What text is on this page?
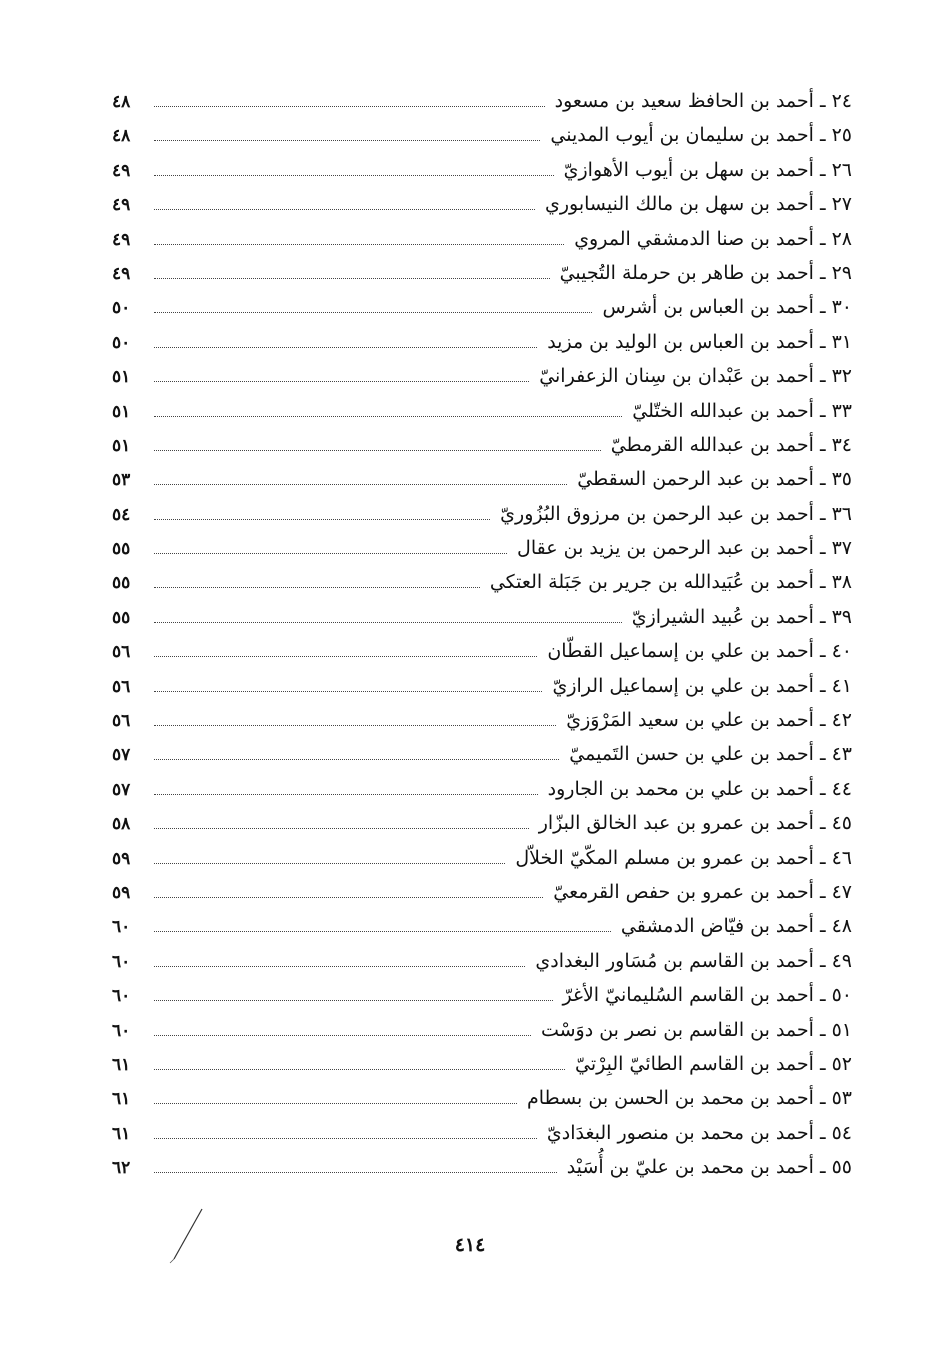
٤٨	٢٤ ـ أحمد بن الحافظ سعيد بن مسعود
٤٨	٢٥ ـ أحمد بن سليمان بن أيوب المديني
٤٩	٢٦ ـ أحمد بن سهل بن أيوب الأهوازيّ
٤٩	٢٧ ـ أحمد بن سهل بن مالك النيسابوري
٤٩	٢٨ ـ أحمد بن صنا الدمشقي المروي
٤٩	٢٩ ـ أحمد بن طاهر بن حرملة التُجيبيّ
٥٠	٣٠ ـ أحمد بن العباس بن أشرس
٥٠	٣١ ـ أحمد بن العباس بن الوليد بن مزيد
٥١	٣٢ ـ أحمد بن عَبْدان بن سِنان الزعفرانيّ
٥١	٣٣ ـ أحمد بن عبدالله الختّليّ
٥١	٣٤ ـ أحمد بن عبدالله القرمطيّ
٥٣	٣٥ ـ أحمد بن عبد الرحمن السقطيّ
٥٤	٣٦ ـ أحمد بن عبد الرحمن بن مرزوق البُزُوريّ
٥٥	٣٧ ـ أحمد بن عبد الرحمن بن يزيد بن عقال
٥٥	٣٨ ـ أحمد بن عُبَيدالله بن جرير بن جَبَلة العتكي
٥٥	٣٩ ـ أحمد بن عُبيد الشيرازيّ
٥٦	٤٠ ـ أحمد بن علي بن إسماعيل القطّان
٥٦	٤١ ـ أحمد بن علي بن إسماعيل الرازيّ
٥٦	٤٢ ـ أحمد بن علي بن سعيد المَرْوَزيّ
٥٧	٤٣ ـ أحمد بن علي بن حسن التَميميّ
٥٧	٤٤ ـ أحمد بن علي بن محمد بن الجارود
٥٨	٤٥ ـ أحمد بن عمرو بن عبد الخالق البزّار
٥٩	٤٦ ـ أحمد بن عمرو بن مسلم المكّيّ الخلاّل
٥٩	٤٧ ـ أحمد بن عمرو بن حفص القرمعيّ
٦٠	٤٨ ـ أحمد بن فيّاض الدمشقي
٦٠	٤٩ ـ أحمد بن القاسم بن مُسَاور البغدادي
٦٠	٥٠ ـ أحمد بن القاسم السُليمانيّ الأغرّ
٦٠	٥١ ـ أحمد بن القاسم بن نصر بن دوَسْت
٦١	٥٢ ـ أحمد بن القاسم الطائيّ البِرْتيّ
٦١	٥٣ ـ أحمد بن محمد بن الحسن بن بسطام
٦١	٥٤ ـ أحمد بن محمد بن منصور البغدَاديّ
٦٢	٥٥ ـ أحمد بن محمد بن عليّ بن أُسَيْد
٤١٤
